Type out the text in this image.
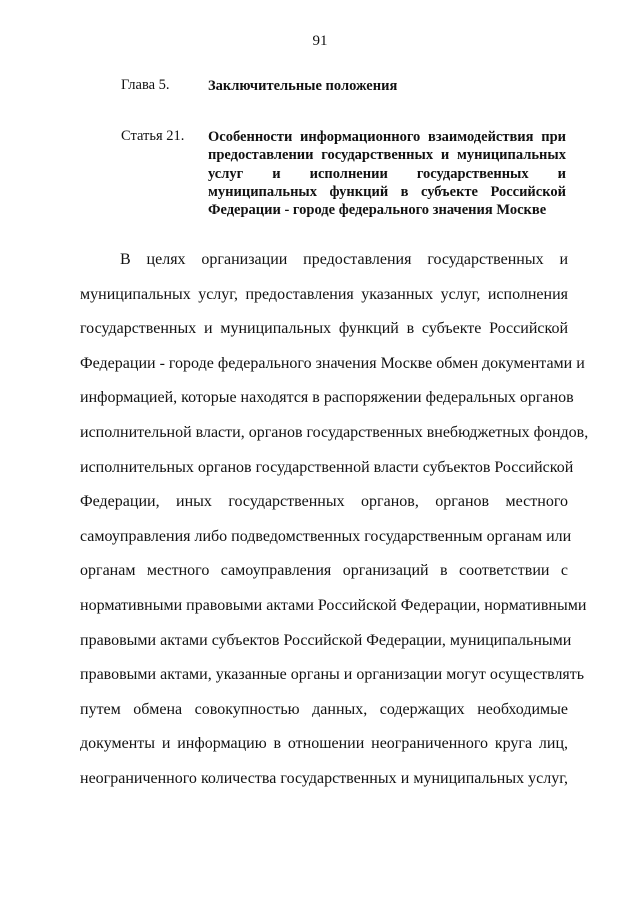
91
Глава 5.	Заключительные положения
Статья 21. Особенности информационного взаимодействия при
предоставлении государственных и муниципальных
услуг и исполнении государственных и
муниципальных функций в субъекте Российской
Федерации - городе федерального значения Москве
В целях организации предоставления государственных и
муниципальных услуг, предоставления указанных услуг, исполнения
государственных и муниципальных функций в субъекте Российской
Федерации - городе федерального значения Москве обмен документами и
информацией, которые находятся в распоряжении федеральных органов
исполнительной власти, органов государственных внебюджетных фондов,
исполнительных органов государственной власти субъектов Российской
Федерации, иных государственных органов, органов местного
самоуправления либо подведомственных государственным органам или
органам местного самоуправления организаций в соответствии с
нормативными правовыми актами Российской Федерации, нормативными
правовыми актами субъектов Российской Федерации, муниципальными
правовыми актами, указанные органы и организации могут осуществлять
путем обмена совокупностью данных, содержащих необходимые
документы и информацию в отношении неограниченного круга лиц,
неограниченного количества государственных и муниципальных услуг,
